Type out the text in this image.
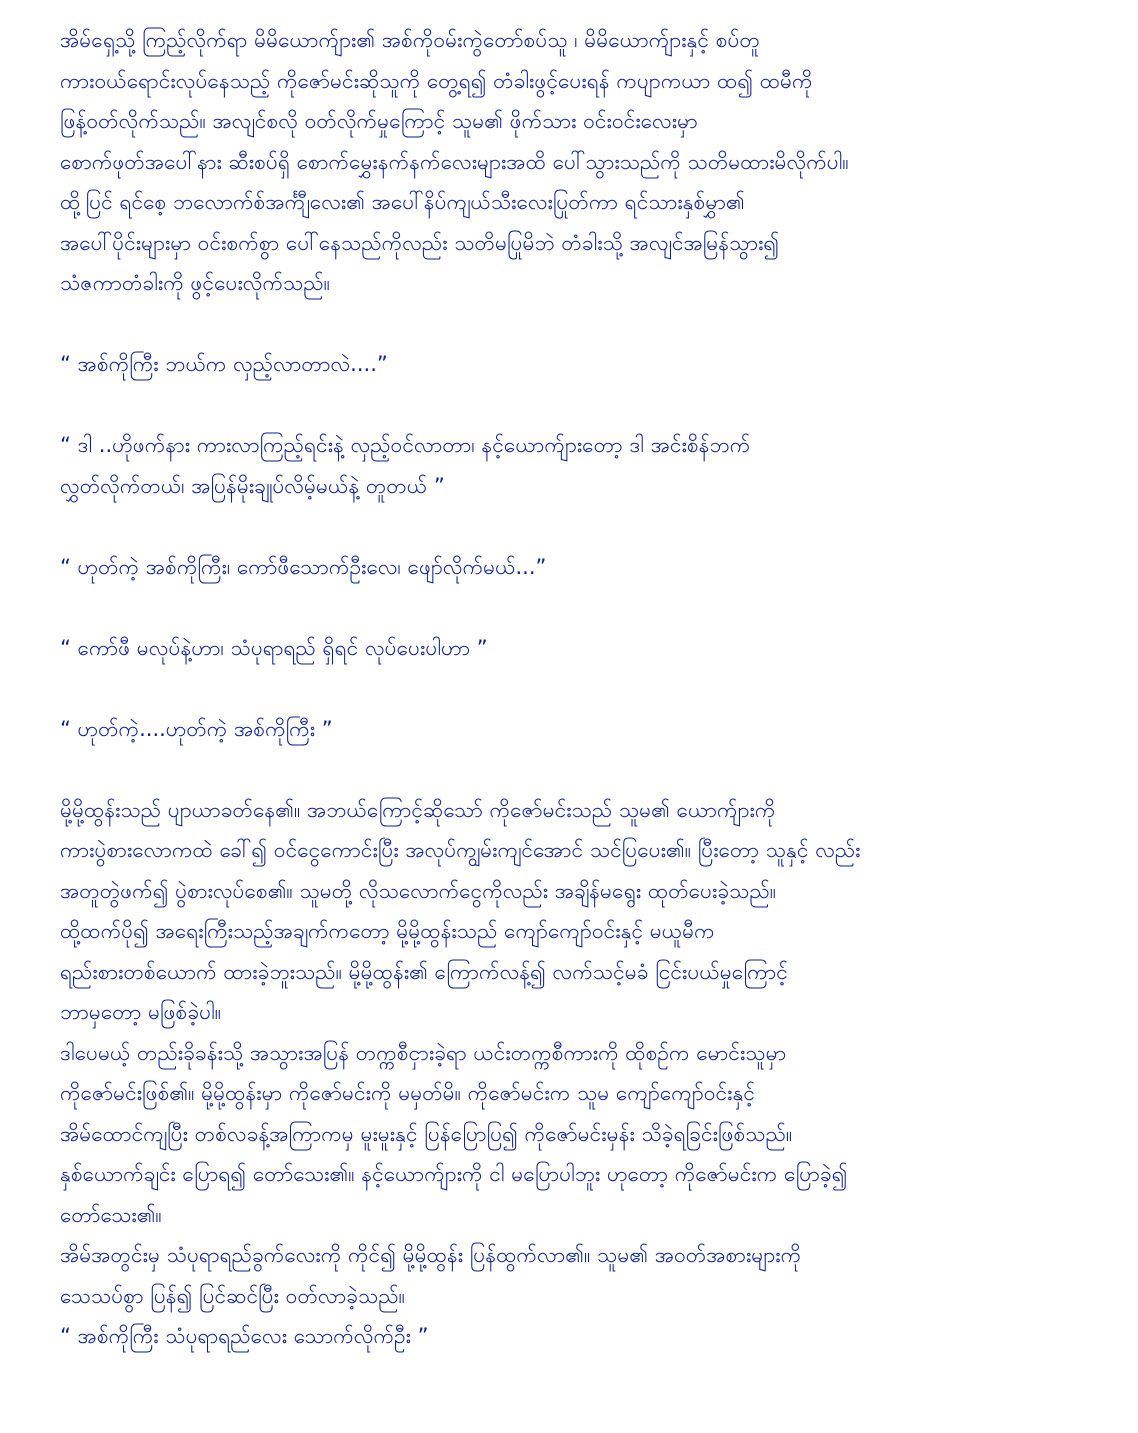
အိမ်ရှေ့သို့ ကြည့်လိုက်ရာ မိမိယောက်ျား၏ အစ်ကိုဝမ်းကွဲတော်စပ်သူ ၊ မိမိယောက်ျားနှင့် စပ်တူ
ကားဝယ်ရောင်းလုပ်နေသည့် ကိုဇော်မင်းဆိုသူကို တွေ့ရ၍ တံခါးဖွင့်ပေးရန် ကပျာကယာ ထ၍ ထမီကို
ဖြန့်ဝတ်လိုက်သည်။ အလျင်စလို ဝတ်လိုက်မှုကြောင့် သူမ၏ ဖိုက်သား ဝင်းဝင်းလေးမှာ
စောက်ဖုတ်အပေါ်နား ဆီးစပ်ရှိ စောက်မွှေးနက်နက်လေးများအထိ ပေါ်သွားသည်ကို သတိမထားမိလိုက်ပါ။
ထို့ပြင် ရင်စေ့ ဘလောက်စ်အင်္ကျီလေး၏ အပေါ်နိပ်ကျယ်သီးလေးပြုတ်ကာ ရင်သားနှစ်မွှာ၏
အပေါ်ပိုင်းများမှာ ဝင်းစက်စွာ ပေါ်နေသည်ကိုလည်း သတိမပြုမိဘဲ တံခါးသို့ အလျင်အမြန်သွား၍
သံဇကာတံခါးကို ဖွင့်ပေးလိုက်သည်။
“ အစ်ကိုကြီး ဘယ်က လှည့်လာတာလဲ....”
“ ဒါ ..ဟိုဖက်နား ကားလာကြည့်ရင်းနဲ့ လှည့်ဝင်လာတာ၊ နင့်ယောက်ျားတော့ ဒါ အင်းစိန်ဘက်
လွှတ်လိုက်တယ်၊ အပြန်မိုးချုပ်လိမ့်မယ်နဲ့ တူတယ် ”
“ ဟုတ်ကဲ့ အစ်ကိုကြီး၊ ကော်ဖီသောက်ဦးလေ၊ ဖျော်လိုက်မယ်...”
“ ကော်ဖီ မလုပ်နဲ့ဟာ၊ သံပုရာရည် ရှိရင် လုပ်ပေးပါဟာ ”
“ ဟုတ်ကဲ့....ဟုတ်ကဲ့ အစ်ကိုကြီး ”
မို့မို့ထွန်းသည် ပျာယာခတ်နေ၏။ အဘယ်ကြောင့်ဆိုသော် ကိုဇော်မင်းသည် သူမ၏ ယောက်ျားကို
ကားပွဲစားလောကထဲ ခေါ်၍ ဝင်ငွေကောင်းပြီး အလုပ်ကျွမ်းကျင်အောင် သင်ပြပေး၏။ ပြီးတော့ သူနှင့် လည်း
အတူတွဲဖက်၍ ပွဲစားလုပ်စေ၏။ သူမတို့ လိုသလောက်ငွေကိုလည်း အချိန်မရွေး ထုတ်ပေးခဲ့သည်။
ထို့ထက်ပို၍ အရေးကြီးသည့်အချက်ကတော့ မို့မို့ထွန်းသည် ကျော်ကျော်ဝင်းနှင့် မယူမီက
ရည်းစားတစ်ယောက် ထားခဲ့ဘူးသည်။ မို့မို့ထွန်း၏ ကြောက်လန့်၍ လက်သင့်မခံ ငြင်းပယ်မှုကြောင့်
ဘာမှတော့ မဖြစ်ခဲ့ပါ။
ဒါပေမယ့် တည်းခိုခန်းသို့ အသွားအပြန် တက္ကစီငှားခဲ့ရာ ယင်းတက္ကစီကားကို ထိုစဉ်က မောင်းသူမှာ
ကိုဇော်မင်းဖြစ်၏။ မို့မို့ထွန်းမှာ ကိုဇော်မင်းကို မမှတ်မိ။ ကိုဇော်မင်းက သူမ ကျော်ကျော်ဝင်းနှင့်
အိမ်ထောင်ကျပြီး တစ်လခန့်အကြာကမှ မူးမူးနှင့် ပြန်ပြောပြ၍ ကိုဇော်မင်းမှန်း သိခဲ့ရခြင်းဖြစ်သည်။
နှစ်ယောက်ချင်း ပြောရ၍ တော်သေး၏။ နင့်ယောက်ျားကို ငါ မပြောပါဘူး ဟုတော့ ကိုဇော်မင်းက ပြောခဲ့၍
တော်သေး၏။
အိမ်အတွင်းမှ သံပုရာရည်ခွက်လေးကို ကိုင်၍ မို့မို့ထွန်း ပြန်ထွက်လာ၏။ သူမ၏ အဝတ်အစားများကို
သေသပ်စွာ ပြန်၍ ပြင်ဆင်ပြီး ဝတ်လာခဲ့သည်။
“ အစ်ကိုကြီး သံပုရာရည်လေး သောက်လိုက်ဦး ”
